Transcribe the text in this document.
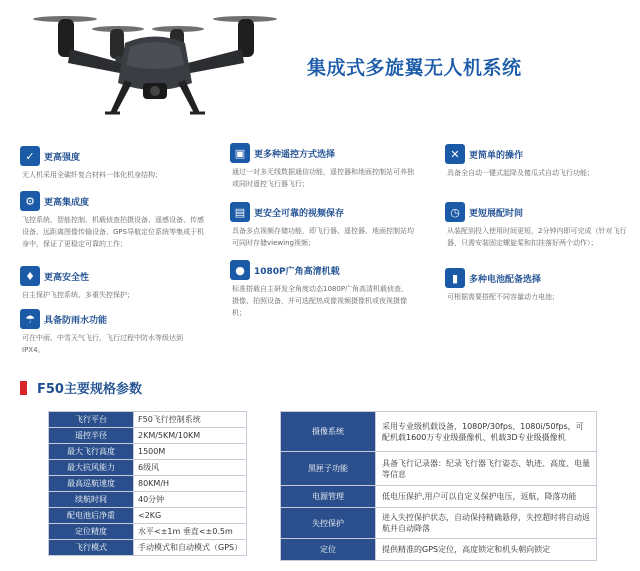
集成式多旋翼无人机系统
✓	更高强度
无人机采用全碳纤复合材料一体化机身结构；
⚙	更高集成度
飞控系统、智能控制、机载侦查拍摄设备、遥感设备、传感设备、远距离图像传输设备、GPS导航定位系统等集成于机身中，保证了更稳定可靠的工作；
♦	更高安全性
自主保护飞控系统、多重失控保护；
☂	具备防雨水功能
可在中雨、中雪天气飞行，飞行过程中防水等级达到IPX4。
▣ 更多种遥控方式选择
通过一对多无线数据通信功能，遥控器和地面控制站可养独或同时遥控飞行器飞行；
▤ 更安全可靠的视频保存
具备多点视频存储功能，即飞行器、遥控器、地面控制站均可同时存储viewing视频；
●	1080P广角高清机载
标准搭载自主研发全角度动态1080P广角高清机载侦查、摄像、拍照设备，并可选配热成像视频摄像机或夜视摄像机；
✕	更简单的操作
具备全自动一键式起降及傻瓜式自动飞行功能；
◷	更短展配时间
从装配到投入使用时间更短，2分钟内即可完成（针对飞行器，只需安装固定螺旋桨和扣挂落好两个动作）；
▮	多种电池配备选择
可根据需要搭配不同容量动力电池；
F50主要规格参数
飞行平台	F50飞行控制系统
遥控半径	2KM/5KM/10KM
最大飞行高度	1500M
最大抗风能力	6级风
最高巡航速度	80KM/H
续航时间	40分钟
配电池后净重	<2KG
定位精度	水平<±1m 垂直<±0.5m
飞行模式	手动模式和自动模式（GPS）
摄像系统	采用专业级机载设备，1080P/30fps、1080i/50fps，可配机载1600万专业级摄像机、机载3D专业级摄像机
黑匣子功能	具备飞行记录器：纪录飞行器飞行姿态、轨迹、高度、电量等信息
电源管理	低电压保护,用户可以自定义保护电压，返航，降落功能
失控保护	进入失控保护状态，自动保持精确悬停，失控超时将自动返航并自动降落
定位	提供精准的GPS定位，高度锁定和机头朝向锁定
